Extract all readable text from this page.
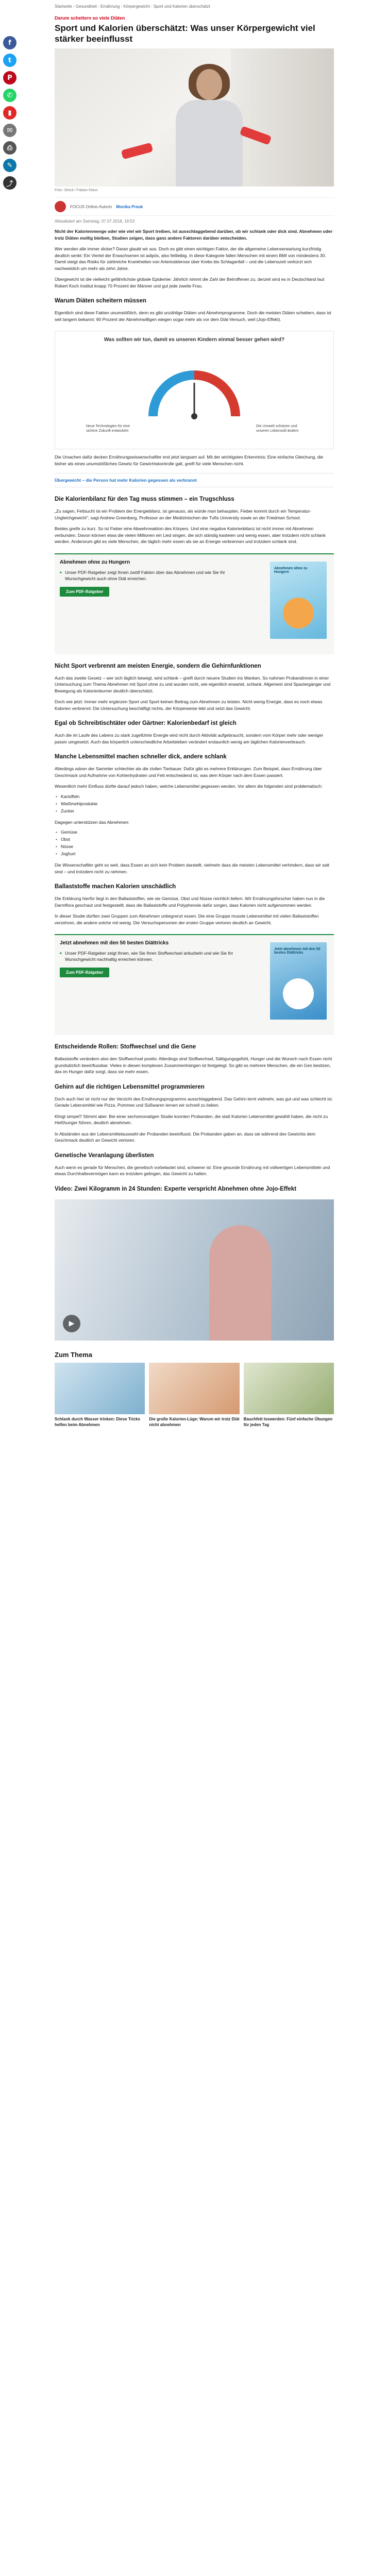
f
t
P
✆
▮
✉
⎙
✎
⤴
Startseite › Gesundheit › Ernährung › Körpergewicht › Sport und Kalorien überschätzt
Darum scheitern so viele Diäten
Sport und Kalorien überschätzt: Was unser Körpergewicht viel stärker beeinflusst
Foto: iStock / Fabian Klaus
FOCUS Online-Autorin Monika Preuk
Aktualisiert am Samstag, 07.07.2018, 18:53

Nicht der Kalorienmenge oder wie viel wir Sport treiben, ist ausschlaggebend darüber, ob wir schlank oder dick sind. Abnehmen oder trotz Diäten mollig bleiben, Studien zeigen, dass ganz andere Faktoren darüber entscheiden.

Wer werden alle immer dicker? Daran glaubt wir aus. Doch es gibt einen wichtigen Faktor, der die allgemeine Lebenserwartung kurzfristig deutlich senkt: Ein Viertel der Erwachsenen ist adipös, also fettleibig. In diese Kategorie fallen Menschen mit einem BMI von mindestens 30. Damit steigt das Risiko für zahlreiche Krankheiten von Arteriosklerose über Krebs bis Schlaganfall – und die Lebenszeit verkürzt sich nachweislich um mehr als zehn Jahre.

Übergewicht ist die vielleicht gefährlichste globale Epidemie: Jährlich nimmt die Zahl der Betroffenen zu, derzeit sind es in Deutschland laut Robert Koch Institut knapp 70 Prozent der Männer und gut jede zweite Frau.

Warum Diäten scheitern müssen

Eigentlich sind diese Fakten unumstößlich, denn es gibt unzählige Diäten und Abnehmprogramme. Doch die meisten Diäten scheitern, dass ist seit langem bekannt: 90 Prozent der Abnehmwilligen wiegen sogar mehr als vor dem Diät-Versuch, weil (Jojo-Effekt).

Was sollten wir tun, damit es unseren Kindern einmal besser gehen wird?
Neue Technologien für eine sichere Zukunft entwickeln
Die Umwelt schützen und unseren Lebensstil ändern

Die Ursachen dafür decken Ernährungswissenschaftler erst jetzt langsam auf. Mit der wichtigsten Erkenntnis: Eine einfache Gleichung, die bisher als eines unumstößliches Gesetz für Gewichtskontrolle galt, greift für viele Menschen nicht.

Übergewicht – die Person hat mehr Kalorien gegessen als verbrannt
Die Kalorienbilanz für den Tag muss stimmen – ein Trugschluss

„Zu sagen, Fettsucht ist ein Problem der Energiebilanz, ist genauso, als würde man behaupten, Fieber kommt durch ein Temperatur-Ungleichgewicht", sagt Andrew Greenberg, Professor an der Medizinischen der Tufts University sowie an der Friedman School.

Beides greife zu kurz. So ist Fieber eine Abwehrreaktion des Körpers. Und eine negative Kalorienbilanz ist nicht immer mit Abnehmen verbunden. Davon können etwa die vielen Millionen ein Lied singen, die sich ständig kasteien und wenig essen, aber trotzdem nicht schlank werden. Andersrum gibt es viele Menschen, die täglich mehr essen als sie an Energie verbrennen und trotzdem schlank sind.

Abnehmen ohne zu Hungern
■ Unser PDF-Ratgeber zeigt Ihnen zwölf Fakten über das Abnehmen und wie Sie Ihr Wunschgewicht auch ohne Diät erreichen.
Zum PDF-Ratgeber
Abnehmen ohne zu Hungern
Nicht Sport verbrennt am meisten Energie, sondern die Gehirnfunktionen

Auch das zweite Gesetz – wer sich täglich bewegt, wird schlank – greift durch neuere Studien ins Wanken. So nahmen Probandinnen in einer Untersuchung zum Thema Abnehmen mit Sport ohne zu und wurden nicht, wie eigentlich erwartet, schlank. Allgemein sind Spaziergänger und Bewegung als Kalorienburner deutlich überschätzt.

Doch wie jetzt: Immer mehr ergänzen Sport und Sport keinen Beitrag zum Abnehmen zu leisten. Nicht wenig Energie, dass es noch etwas Kalorien verbrennt: Die Untersuchung beschäftigt nichts, der Körperweise lebt und setzt das Gewicht.

Egal ob Schreibtischtäter oder Gärtner: Kalorienbedarf ist gleich

Auch die im Laufe des Lebens zu stark zugeführte Energie wird nicht durch Aktivität aufgebraucht, sondern vom Körper mehr oder weniger passiv umgesetzt. Auch das körperlich unterschiedliche Arbeitsleben verändert erstaunlich wenig am täglichen Kalorienverbrauch.

Manche Lebensmittel machen schneller dick, andere schlank

Allerdings wären der Sammler schlechter als die zivilen Tierbauer. Dafür gibt es mehrere Erklärungen. Zum Beispiel, dass Ernährung über Geschmack und Aufnahme von Kohlenhydraten und Fett entscheidend ist, was dem Körper nach dem Essen passiert.

Wesentlich mehr Einfluss dürfte darauf jedoch haben, welche Lebensmittel gegessen werden. Vor allem die folgenden sind problematisch:

• Kartoffeln
• Weißmehlprodukte
• Zucker

Dagegen unterstützen das Abnehmen:

• Gemüse
• Obst
• Nüsse
• Joghurt

Die Wissenschaftler geht so weit, dass Essen an sich kein Problem darstellt, vielmehr dass die meisten Lebensmittel verhindern, dass wir satt sind – und trotzdem nicht zu nehmen.

Ballaststoffe machen Kalorien unschädlich

Die Erklärung hierfür liegt in den Ballaststoffen, wie sie Gemüse, Obst und Nüsse reichlich liefern. Wir Ernährungsforscher haben nun in die Darmflora geschaut und festgestellt, dass die Ballaststoffe und Polyphenole dafür sorgen, dass Kalorien nicht aufgenommen werden.

In dieser Studie dürften zwei Gruppen zum Abnehmen unbegrenzt essen. Die eine Gruppe musste Lebensmittel mit vielen Ballaststoffen verzehren, die andere solche mit wenig. Die Versuchspersonen der ersten Gruppe verloren deutlich an Gewicht.

Jetzt abnehmen mit den 50 besten Diättricks
■ Unser PDF-Ratgeber zeigt Ihnen, wie Sie Ihren Stoffwechsel ankurbeln und wie Sie Ihr Wunschgewicht nachhaltig erreichen können.
Zum PDF-Ratgeber
Jetzt abnehmen mit den 50 besten Diättricks
Entscheidende Rollen: Stoffwechsel und die Gene

Ballaststoffe verändern also den Stoffwechsel positiv. Allerdings sind Stoffwechsel, Sättigungsgefühl, Hunger und die Wunsch nach Essen nicht grundsätzlich beeinflussbar. Vieles in diesen komplexen Zusammenhängen ist festgelegt. So gibt es mehrere Menschen, die ein Gen besitzen, das im Hunger dafür sorgt, dass sie mehr essen.

Gehirn auf die richtigen Lebensmittel programmieren

Doch auch hier ist nicht nur der Verzicht des Ernährungsprogramms ausschlaggebend. Das Gehirn lernt vielmehr, was gut und was schlecht ist. Gerade Lebensmittel wie Pizza, Pommes und Süßwaren lernen wir schnell zu lieben.

Klingt simpel? Stimmt aber. Bei einer sechsmonatigen Studie konnten Probanden, die statt Kalorien Lebensmittel gewählt haben, die nicht zu Heißhunger führen, deutlich abnehmen.

In Abständen aus der Lebensmittelauswahl der Probanden beeinflusst. Die Probanden gaben an, dass sie während des Gewichts dem Geschmack deutlich an Gewicht verloren.

Genetische Veranlagung überlisten

Auch wenn es gerade für Menschen, die genetisch vorbelastet sind, schwerer ist: Eine gesunde Ernährung mit vollwertigen Lebensmitteln und etwas Durchhaltevermögen kann es trotzdem gelingen, das Gewicht zu halten.

Video: Zwei Kilogramm in 24 Stunden: Experte verspricht Abnehmen ohne Jojo-Effekt
▶
Zum Thema
Schlank durch Wasser trinken: Diese Tricks helfen beim Abnehmen
Die große Kalorien-Lüge: Warum wir trotz Diät nicht abnehmen
Bauchfett loswerden: Fünf einfache Übungen für jeden Tag
